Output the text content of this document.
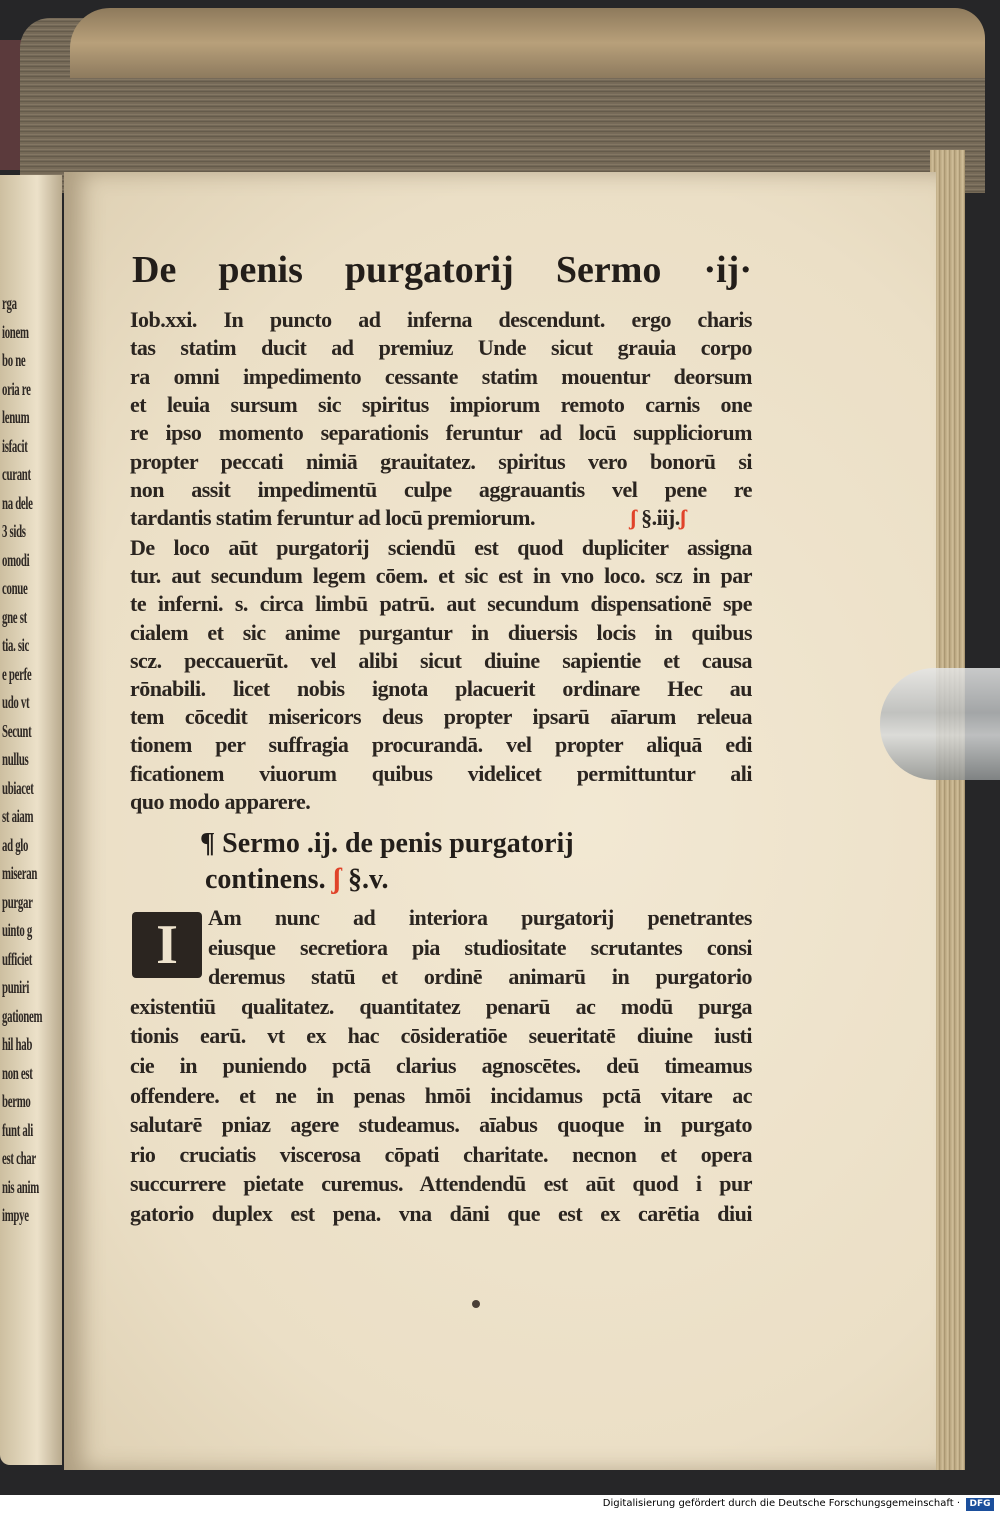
rga
ionem
bo ne
oria re
lenum
isfacit
curant
na dele
3 sids
omodi
conue
gne st
tia. sic
e perfe
udo vt
Secunt
nullus
ubiacet
st aiam
ad glo
miseran
purgar
uinto g
ufficiet
puniri
gationem
hil hab
non est
bermo
funt ali
est char
nis anim
impye
De penis purgatorij Sermo ·ij·
Iob.xxi. In puncto ad inferna descendunt. ergo charis
tas statim ducit ad premiuz Unde sicut grauia corpo
ra omni impedimento cessante statim mouentur deorsum
et leuia sursum sic spiritus impiorum remoto carnis one
re ipso momento separationis feruntur ad locū suppliciorum
propter peccati nimiā grauitatez. spiritus vero bonorū si
non assit impedimentū culpe aggrauantis vel pene re
tardantis statim feruntur ad locū premiorum.	ʃ §.iij.ʃ
De loco aūt purgatorij sciendū est quod dupliciter assigna
tur. aut secundum legem cōem. et sic est in vno loco. scz in par
te inferni. s. circa limbū patrū. aut secundum dispensationē spe
cialem et sic anime purgantur in diuersis locis in quibus
scz. peccauerūt. vel alibi sicut diuine sapientie et causa
rōnabili. licet nobis ignota placuerit ordinare Hec au
tem cōcedit misericors deus propter ipsarū aīarum releua
tionem per suffragia procurandā. vel propter aliquā edi
ficationem viuorum quibus videlicet permittuntur ali
quo modo apparere.
¶ Sermo .ij. de penis purgatorij
continens. ʃ §.v.
I	Am nunc ad interiora purgatorij penetrantes
eiusque secretiora pia studiositate scrutantes consi
deremus statū et ordinē animarū in purgatorio
existentiū qualitatez. quantitatez penarū ac modū purga
tionis earū. vt ex hac cōsideratiōe seueritatē diuine iusti
cie in puniendo pctā clarius agnoscētes. deū timeamus
offendere. et ne in penas hmōi incidamus pctā vitare ac
salutarē pniaz agere studeamus. aīabus quoque in purgato
rio cruciatis viscerosa cōpati charitate. necnon et opera
succurrere pietate curemus. Attendendū est aūt quod i pur
gatorio duplex est pena. vna dāni que est ex carētia diui
Digitalisierung gefördert durch die Deutsche Forschungsgemeinschaft ·	DFG
